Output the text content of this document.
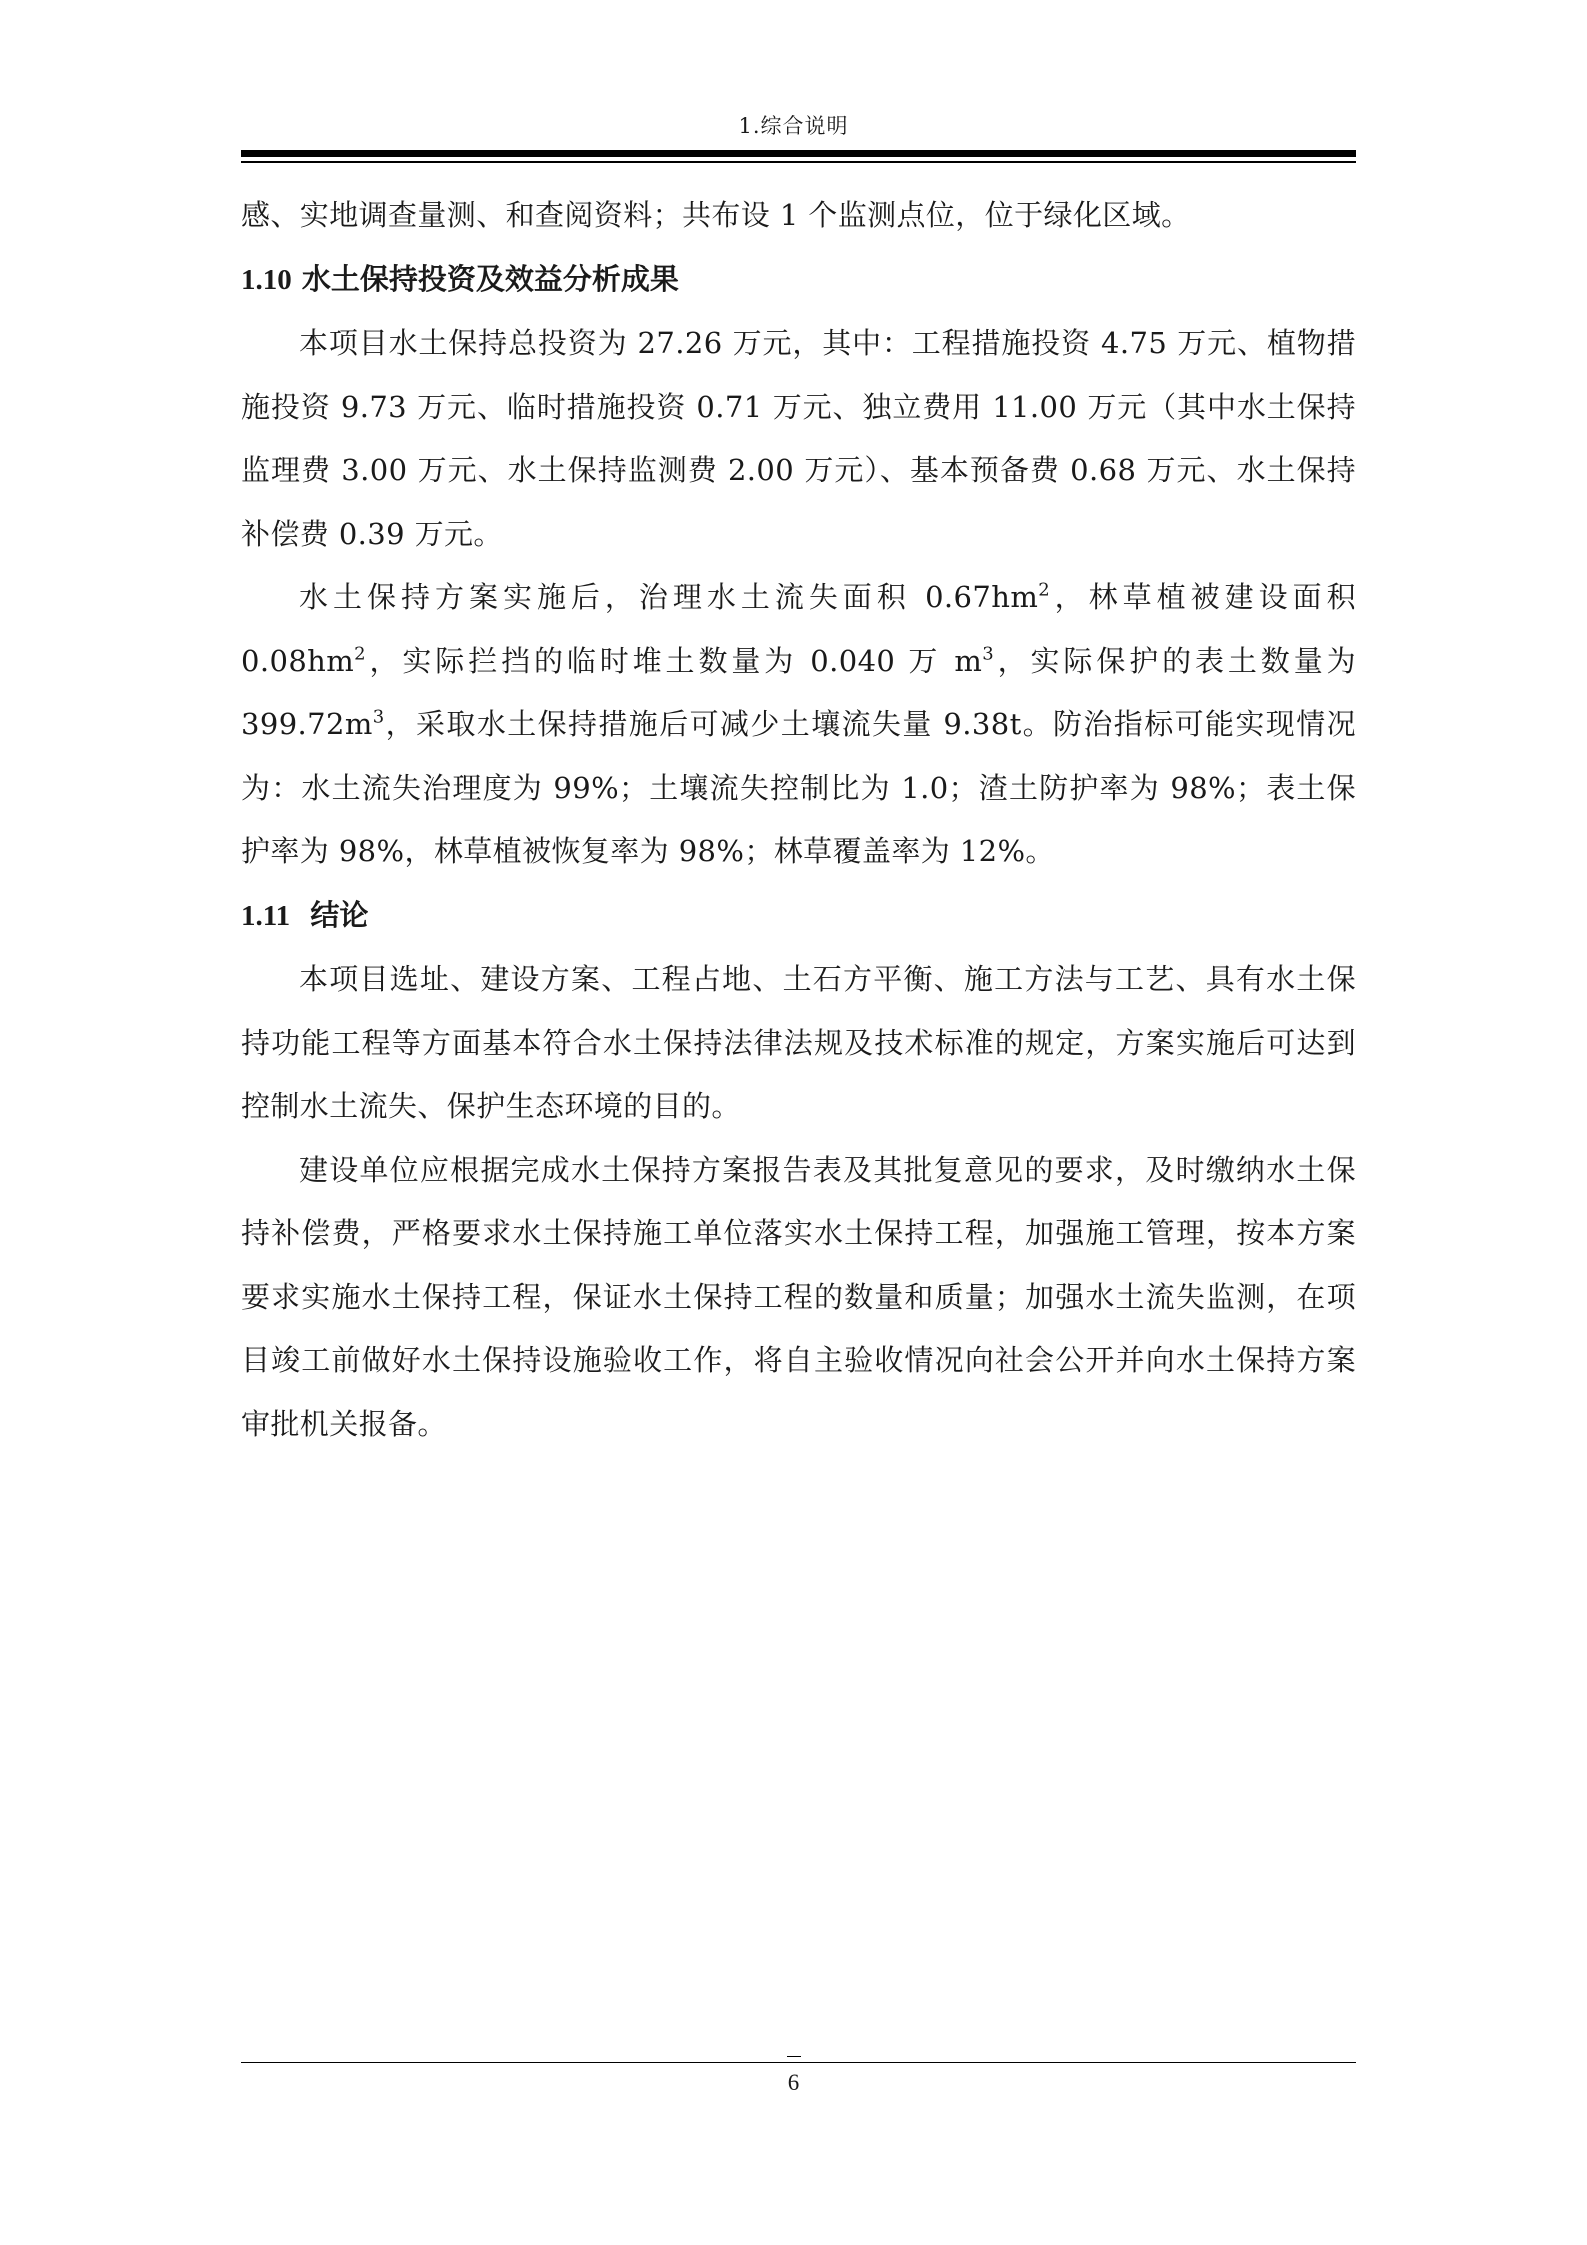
1.综合说明

感、实地调查量测、和查阅资料；共布设 1 个监测点位，位于绿化区域。

1.10 水土保持投资及效益分析成果

本项目水土保持总投资为 27.26 万元，其中：工程措施投资 4.75 万元、植物措施投资 9.73 万元、临时措施投资 0.71 万元、独立费用 11.00 万元（其中水土保持监理费 3.00 万元、水土保持监测费 2.00 万元）、基本预备费 0.68 万元、水土保持补偿费 0.39 万元。

水土保持方案实施后，治理水土流失面积 $0.67hm^2$，林草植被建设面积 $0.08hm^2$，实际拦挡的临时堆土数量为 0.040 万 $m^3$，实际保护的表土数量为 $399.72m^3$，采取水土保持措施后可减少土壤流失量 9.38t。防治指标可能实现情况为：水土流失治理度为 99%；土壤流失控制比为 1.0；渣土防护率为 98%；表土保护率为 98%，林草植被恢复率为 98%；林草覆盖率为 12%。

1.11  结论

本项目选址、建设方案、工程占地、土石方平衡、施工方法与工艺、具有水土保持功能工程等方面基本符合水土保持法律法规及技术标准的规定，方案实施后可达到控制水土流失、保护生态环境的目的。

建设单位应根据完成水土保持方案报告表及其批复意见的要求，及时缴纳水土保持补偿费，严格要求水土保持施工单位落实水土保持工程，加强施工管理，按本方案要求实施水土保持工程，保证水土保持工程的数量和质量；加强水土流失监测，在项目竣工前做好水土保持设施验收工作，将自主验收情况向社会公开并向水土保持方案审批机关报备。

6
